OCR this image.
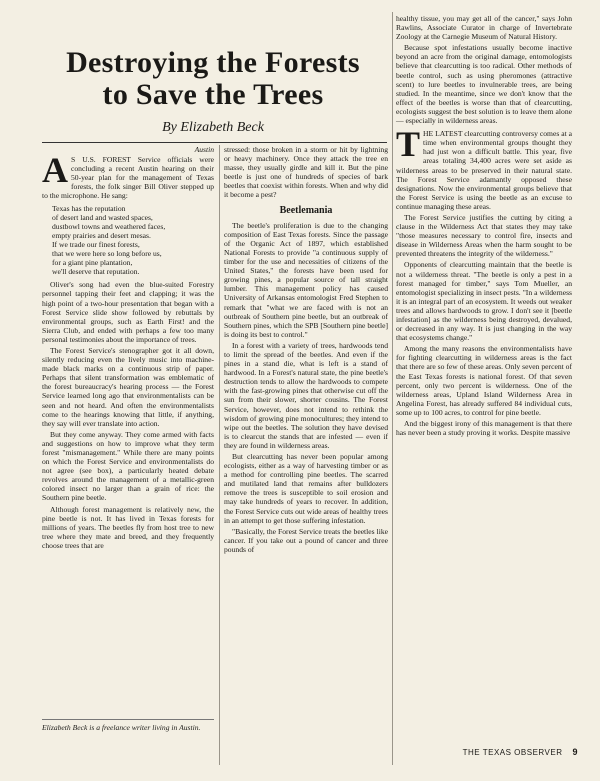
Destroying the Forests
to Save the Trees
By Elizabeth Beck
Austin

A S U.S. FOREST Service officials were concluding a recent Austin hearing on their 50-year plan for the management of Texas forests, the folk singer Bill Oliver stepped up to the microphone. He sang:

Texas has the reputation
of desert land and wasted spaces,
dustbowl towns and weathered faces,
empty prairies and desert mesas.
If we trade our finest forests,
that we were here so long before us,
for a giant pine plantation,
we'll deserve that reputation.

Oliver's song had even the blue-suited Forestry personnel tapping their feet and clapping; it was the high point of a two-hour presentation that began with a Forest Service slide show followed by rebuttals by environmental groups, such as Earth First! and the Sierra Club, and ended with perhaps a few too many personal testimonies about the importance of trees.

The Forest Service's stenographer got it all down, silently reducing even the lively music into machine-made black marks on a continuous strip of paper. Perhaps that silent transformation was emblematic of the forest bureaucracy's hearing process — the Forest Service learned long ago that environmentalists can be seen and not heard. And often the environmentalists come to the hearings knowing that little, if anything, they say will ever translate into action.

But they come anyway. They come armed with facts and suggestions on how to improve what they term forest "mismanagement." While there are many points on which the Forest Service and environmentalists do not agree (see box), a particularly heated debate revolves around the management of a metallic-green colored insect no larger than a grain of rice: the Southern pine beetle.

Although forest management is relatively new, the pine beetle is not. It has lived in Texas forests for millions of years. The beetles fly from host tree to new tree where they mate and breed, and they frequently choose trees that are

Elizabeth Beck is a freelance writer living in Austin.

stressed: those broken in a storm or hit by lightning or heavy machinery. Once they attack the tree en masse, they usually girdle and kill it. But the pine beetle is just one of hundreds of species of bark beetles that coexist within forests. When and why did it become a pest?

Beetlemania

The beetle's proliferation is due to the changing composition of East Texas forests. Since the passage of the Organic Act of 1897, which established National Forests to provide "a continuous supply of timber for the use and necessities of citizens of the United States," the forests have been used for growing pines, a popular source of tall straight lumber. This management policy has caused University of Arkansas entomologist Fred Stephen to remark that "what we are faced with is not an outbreak of Southern pine beetle, but an outbreak of Southern pines, which the SPB [Southern pine beetle] is doing its best to control."

In a forest with a variety of trees, hardwoods tend to limit the spread of the beetles. And even if the pines in a stand die, what is left is a stand of hardwood. In a Forest's natural state, the pine beetle's destruction tends to allow the hardwoods to compete with the fast-growing pines that otherwise cut off the sun from their slower, shorter cousins. The Forest Service, however, does not intend to rethink the wisdom of growing pine monocultures; they intend to wipe out the beetles. The solution they have devised is to clearcut the stands that are infested — even if they are found in wilderness areas.

But clearcutting has never been popular among ecologists, either as a way of harvesting timber or as a method for controlling pine beetles. The scarred and mutilated land that remains after bulldozers remove the trees is susceptible to soil erosion and may take hundreds of years to recover. In addition, the Forest Service cuts out wide areas of healthy trees in an attempt to get those suffering infestation.

"Basically, the Forest Service treats the beetles like cancer. If you take out a pound of cancer and three pounds of

healthy tissue, you may get all of the cancer," says John Rawlins, Associate Curator in charge of Invertebrate Zoology at the Carnegie Museum of Natural History.

Because spot infestations usually become inactive beyond an acre from the original damage, entomologists believe that clearcutting is too radical. Other methods of beetle control, such as using pheromones (attractive scent) to lure beetles to invulnerable trees, are being studied. In the meantime, since we don't know that the effect of the beetles is worse than that of clearcutting, ecologists suggest the best solution is to leave them alone — especially in wilderness areas.

THE LATEST clearcutting controversy comes at a time when environmental groups thought they had just won a difficult battle. This year, five areas totaling 34,400 acres were set aside as wilderness areas to be preserved in their natural state. The Forest Service adamantly opposed these designations. Now the environmental groups believe that the Forest Service is using the beetle as an excuse to continue managing these areas.

The Forest Service justifies the cutting by citing a clause in the Wilderness Act that states they may take "those measures necessary to control fire, insects and disease in Wilderness Areas when the harm sought to be prevented threatens the integrity of the wilderness."

Opponents of clearcutting maintain that the beetle is not a wilderness threat. "The beetle is only a pest in a forest managed for timber," says Tom Mueller, an entomologist specializing in insect pests. "In a wilderness it is an integral part of an ecosystem. It weeds out weaker trees and allows hardwoods to grow. I don't see it [beetle infestation] as the wilderness being destroyed, devalued, or decreased in any way. It is just changing in the way that ecosystems change."

Among the many reasons the environmentalists have for fighting clearcutting in wilderness areas is the fact that there are so few of these areas. Only seven percent of the East Texas forests is national forest. Of that seven percent, only two percent is wilderness. One of the wilderness areas, Upland Island Wilderness Area in Angelina Forest, has already suffered 84 individual cuts, some up to 100 acres, to control for pine beetle.

And the biggest irony of this management is that there has never been a study proving it works. Despite massive

THE TEXAS OBSERVER 9
